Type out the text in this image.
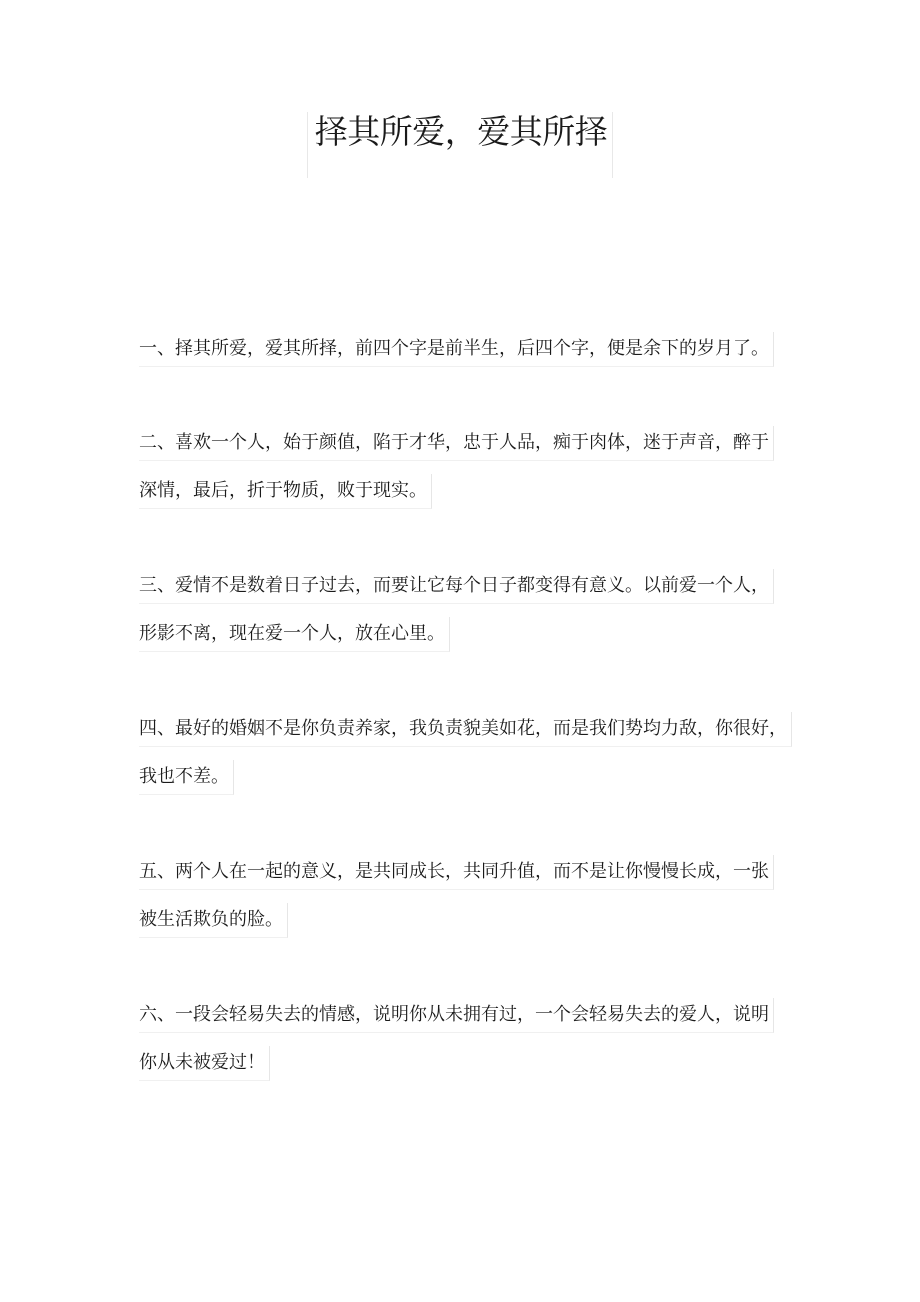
择其所爱，爱其所择
一、择其所爱，爱其所择，前四个字是前半生，后四个字，便是余下的岁月了。
二、喜欢一个人，始于颜值，陷于才华，忠于人品，痴于肉体，迷于声音，醉于
深情，最后，折于物质，败于现实。
三、爱情不是数着日子过去，而要让它每个日子都变得有意义。以前爱一个人，
形影不离，现在爱一个人，放在心里。
四、最好的婚姻不是你负责养家，我负责貌美如花，而是我们势均力敌，你很好，
我也不差。
五、两个人在一起的意义，是共同成长，共同升值，而不是让你慢慢长成，一张
被生活欺负的脸。
六、一段会轻易失去的情感，说明你从未拥有过，一个会轻易失去的爱人，说明
你从未被爱过！
